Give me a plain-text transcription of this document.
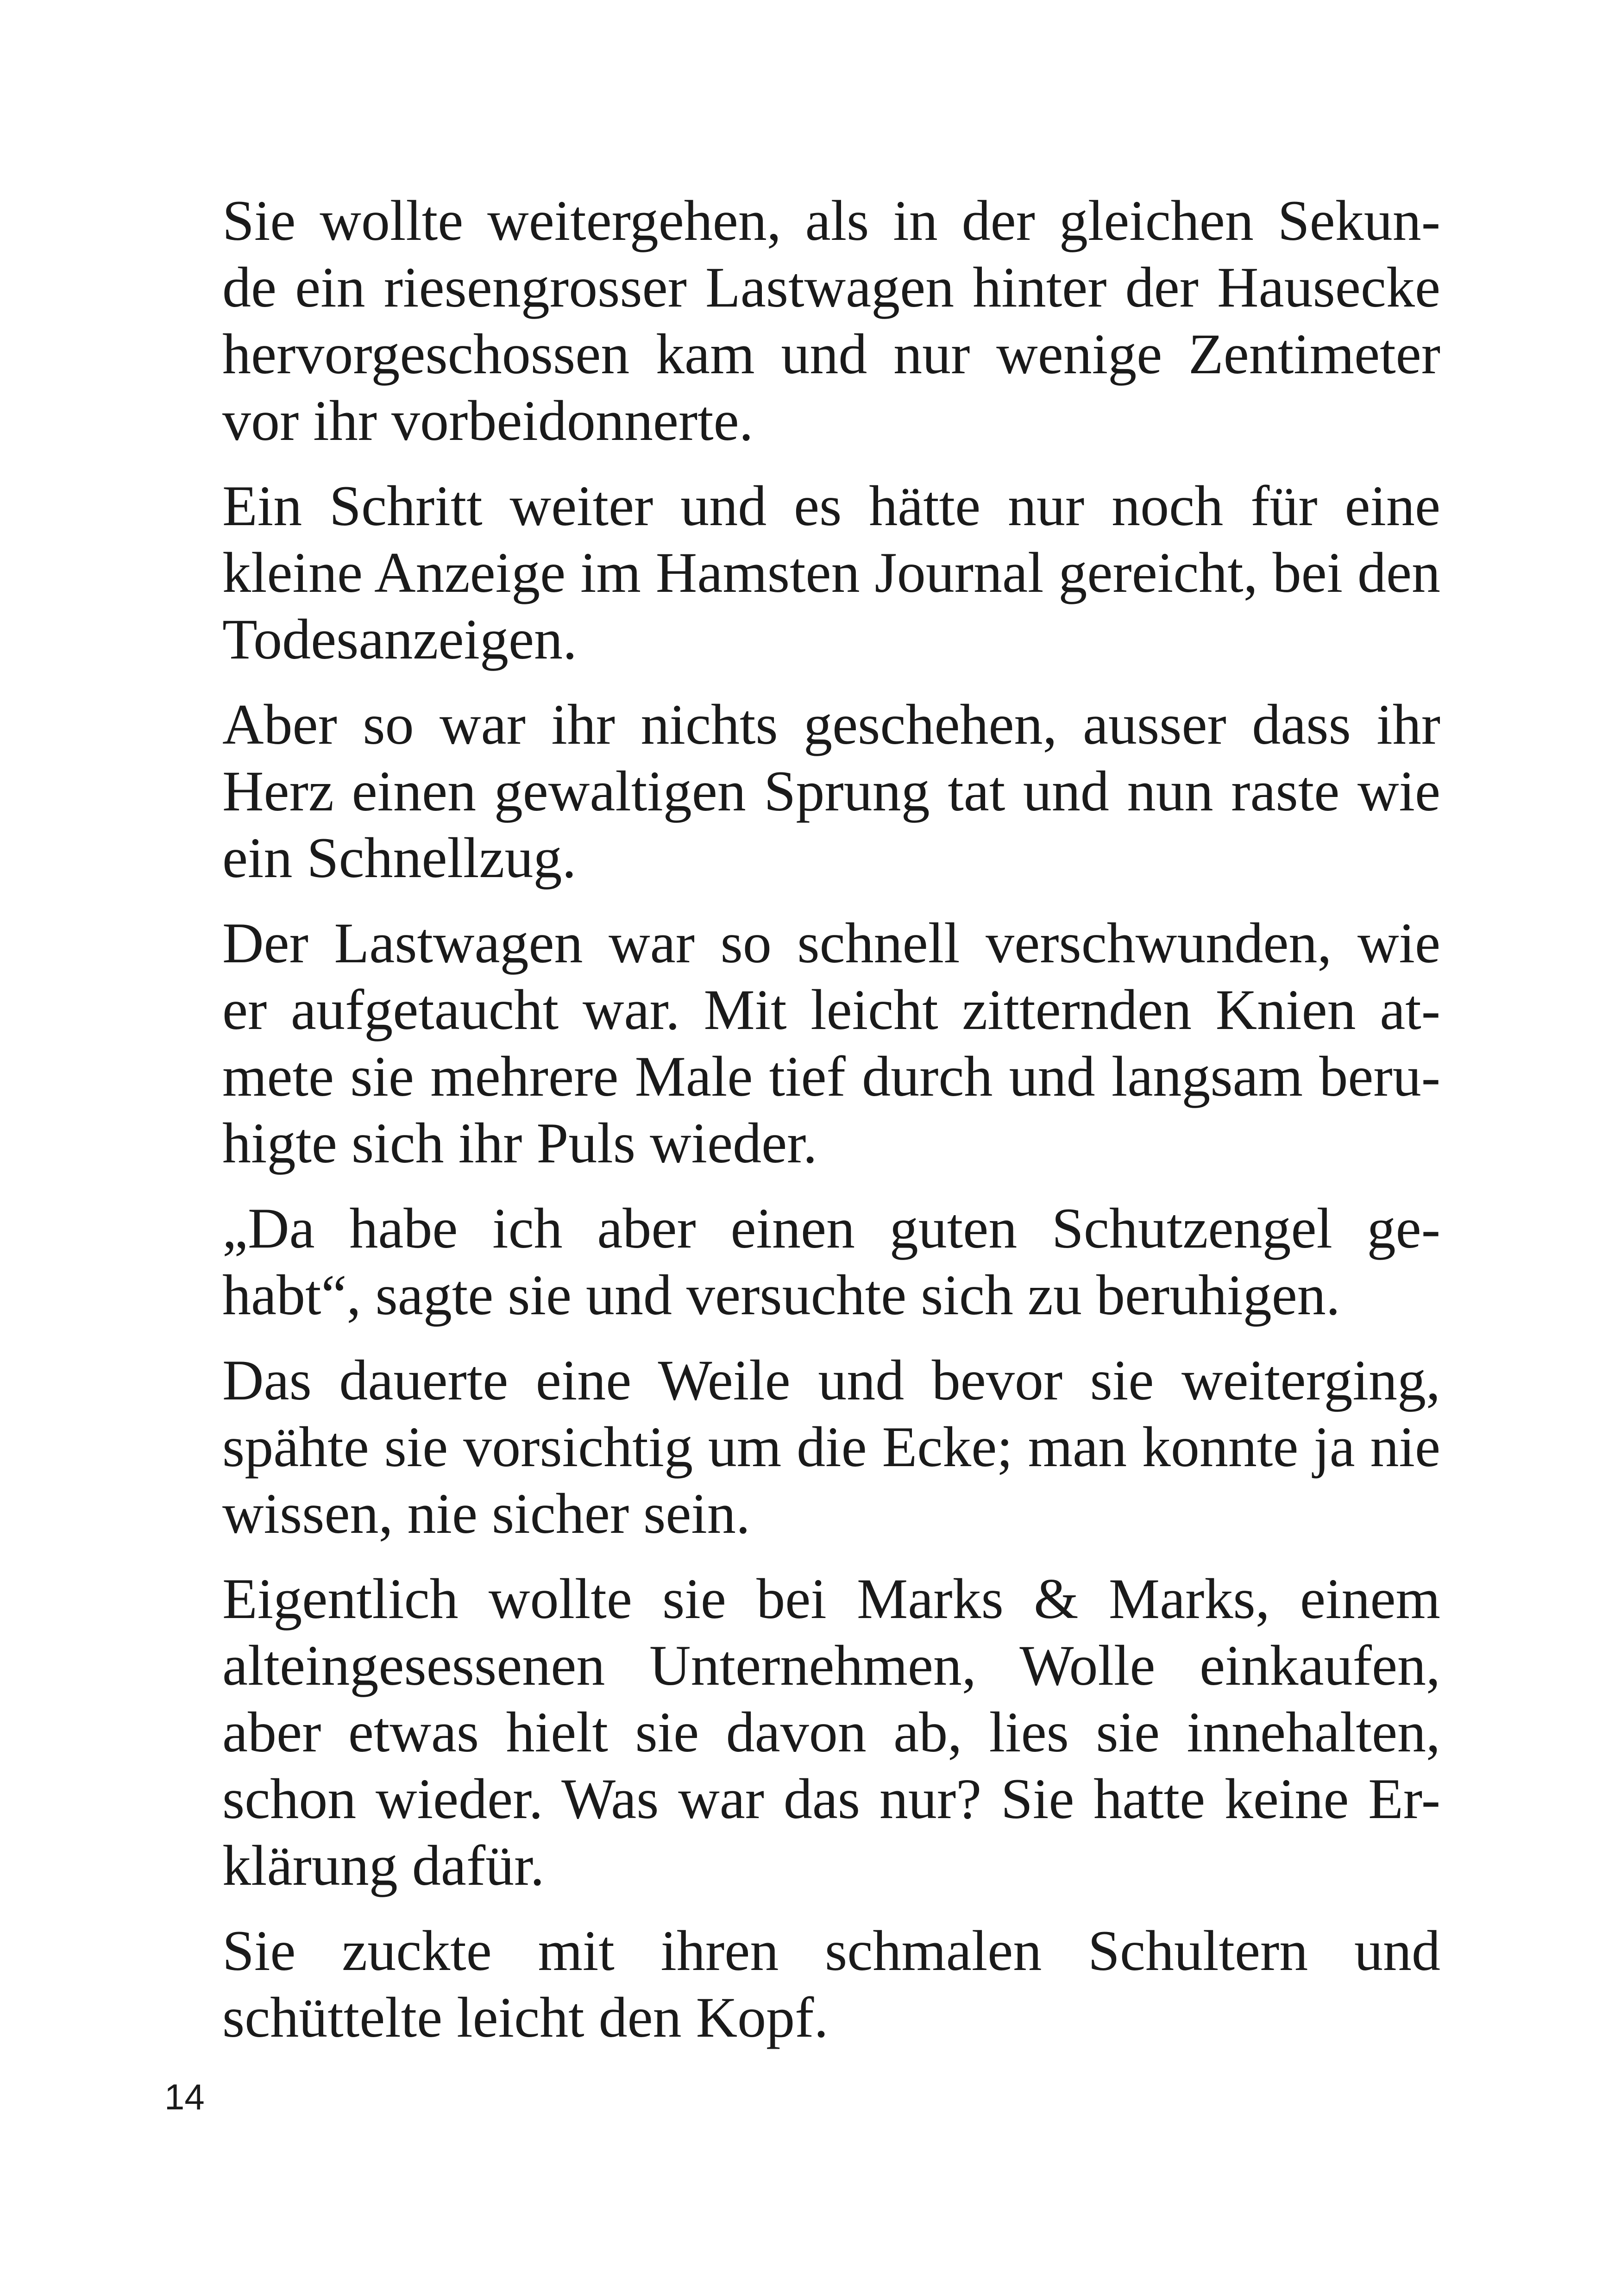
Sie wollte weitergehen, als in der gleichen Sekun-
de ein riesengrosser Lastwagen hinter der Hausecke
hervorgeschossen kam und nur wenige Zentimeter
vor ihr vorbeidonnerte.

Ein Schritt weiter und es hätte nur noch für eine
kleine Anzeige im Hamsten Journal gereicht, bei den
Todesanzeigen.

Aber so war ihr nichts geschehen, ausser dass ihr
Herz einen gewaltigen Sprung tat und nun raste wie
ein Schnellzug.

Der Lastwagen war so schnell verschwunden, wie
er aufgetaucht war. Mit leicht zitternden Knien at-
mete sie mehrere Male tief durch und langsam beru-
higte sich ihr Puls wieder.

„Da habe ich aber einen guten Schutzengel ge-
habt“, sagte sie und versuchte sich zu beruhigen.

Das dauerte eine Weile und bevor sie weiterging,
spähte sie vorsichtig um die Ecke; man konnte ja nie
wissen, nie sicher sein.

Eigentlich wollte sie bei Marks & Marks, einem
alteingesessenen Unternehmen, Wolle einkaufen,
aber etwas hielt sie davon ab, lies sie innehalten,
schon wieder. Was war das nur? Sie hatte keine Er-
klärung dafür.

Sie zuckte mit ihren schmalen Schultern und
schüttelte leicht den Kopf.

14
